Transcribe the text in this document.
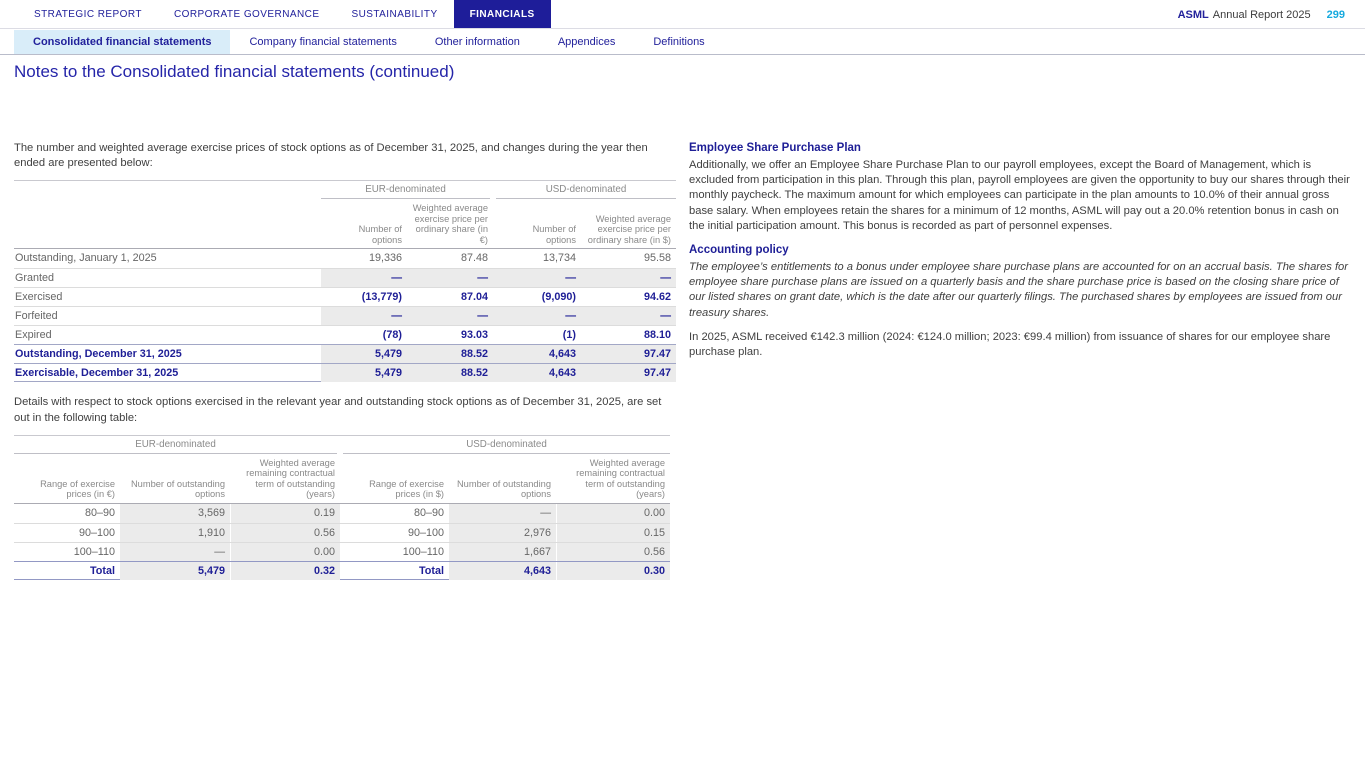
STRATEGIC REPORT	CORPORATE GOVERNANCE	SUSTAINABILITY	FINANCIALS	ASML Annual Report 2025 299
Consolidated financial statements	Company financial statements	Other information	Appendices	Definitions
Notes to the Consolidated financial statements (continued)

The number and weighted average exercise prices of stock options as of December 31, 2025, and changes during the year then ended are presented below:

EUR-denominated	USD-denominated
Number of options
Weighted average exercise price per ordinary share (in €)
Number of options
Weighted average exercise price per ordinary share (in $)
Outstanding, January 1, 2025	19,336	87.48	13,734	95.58
Granted	—	—	—	—
Exercised	(13,779)	87.04	(9,090)	94.62
Forfeited	—	—	—	—
Expired	(78)	93.03	(1)	88.10
Outstanding, December 31, 2025	5,479	88.52	4,643	97.47
Exercisable, December 31, 2025	5,479	88.52	4,643	97.47

Details with respect to stock options exercised in the relevant year and outstanding stock options as of December 31, 2025, are set out in the following table:

EUR-denominated	USD-denominated
Range of exercise prices (in €)
Number of outstanding options
Weighted average remaining contractual term of outstanding (years)
Range of exercise prices (in $)
Number of outstanding options
Weighted average remaining contractual term of outstanding (years)
80–90	3,569	0.19	80–90	—	0.00
90–100	1,910	0.56	90–100	2,976	0.15
100–110	—	0.00	100–110	1,667	0.56
Total	5,479	0.32	Total	4,643	0.30
Employee Share Purchase Plan

Additionally, we offer an Employee Share Purchase Plan to our payroll employees, except the Board of Management, which is excluded from participation in this plan. Through this plan, payroll employees are given the opportunity to buy our shares through their monthly paycheck. The maximum amount for which employees can participate in the plan amounts to 10.0% of their annual gross base salary. When employees retain the shares for a minimum of 12 months, ASML will pay out a 20.0% retention bonus in cash on the initial participation amount. This bonus is recorded as part of personnel expenses.

Accounting policy

The employee’s entitlements to a bonus under employee share purchase plans are accounted for on an accrual basis. The shares for employee share purchase plans are issued on a quarterly basis and the share purchase price is based on the closing share price of our listed shares on grant date, which is the date after our quarterly filings. The purchased shares by employees are issued from our treasury shares.

In 2025, ASML received €142.3 million (2024: €124.0 million; 2023: €99.4 million) from issuance of shares for our employee share purchase plan.
